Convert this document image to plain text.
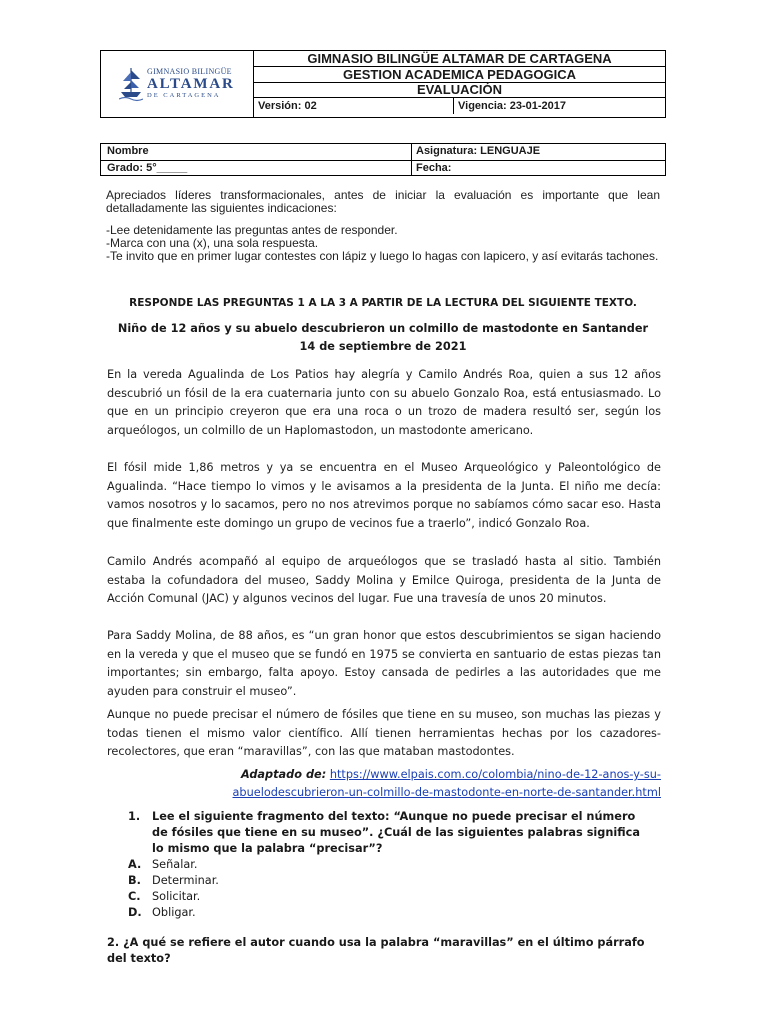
GIMNASIO BILINGÜE
ALTAMAR
DE CARTAGENA
GIMNASIO BILINGÜE ALTAMAR DE CARTAGENA
GESTION ACADEMICA PEDAGOGICA
EVALUACIÓN
Versión: 02	Vigencia: 23-01-2017
Nombre	Asignatura: LENGUAJE
Grado: 5°_____	Fecha:

Apreciados líderes transformacionales, antes de iniciar la evaluación es importante que lean detalladamente las siguientes indicaciones:

-Lee detenidamente las preguntas antes de responder.

-Marca con una (x), una sola respuesta.

-Te invito que en primer lugar contestes con lápiz y luego lo hagas con lapicero, y así evitarás tachones.

RESPONDE LAS PREGUNTAS 1 A LA 3 A PARTIR DE LA LECTURA DEL SIGUIENTE TEXTO.
Niño de 12 años y su abuelo descubrieron un colmillo de mastodonte en Santander
14 de septiembre de 2021

En la vereda Agualinda de Los Patios hay alegría y Camilo Andrés Roa, quien a sus 12 años descubrió un fósil de la era cuaternaria junto con su abuelo Gonzalo Roa, está entusiasmado. Lo que en un principio creyeron que era una roca o un trozo de madera resultó ser, según los arqueólogos, un colmillo de un Haplomastodon, un mastodonte americano.

El fósil mide 1,86 metros y ya se encuentra en el Museo Arqueológico y Paleontológico de Agualinda. “Hace tiempo lo vimos y le avisamos a la presidenta de la Junta. El niño me decía: vamos nosotros y lo sacamos, pero no nos atrevimos porque no sabíamos cómo sacar eso. Hasta que finalmente este domingo un grupo de vecinos fue a traerlo”, indicó Gonzalo Roa.

Camilo Andrés acompañó al equipo de arqueólogos que se trasladó hasta al sitio. También estaba la cofundadora del museo, Saddy Molina y Emilce Quiroga, presidenta de la Junta de Acción Comunal (JAC) y algunos vecinos del lugar. Fue una travesía de unos 20 minutos.

Para Saddy Molina, de 88 años, es “un gran honor que estos descubrimientos se sigan haciendo en la vereda y que el museo que se fundó en 1975 se convierta en santuario de estas piezas tan importantes; sin embargo, falta apoyo. Estoy cansada de pedirles a las autoridades que me ayuden para construir el museo”.

Aunque no puede precisar el número de fósiles que tiene en su museo, son muchas las piezas y todas tienen el mismo valor científico. Allí tienen herramientas hechas por los cazadores-recolectores, que eran “maravillas”, con las que mataban mastodontes.

Adaptado de: https://www.elpais.com.co/colombia/nino-de-12-anos-y-su-
abuelodescubrieron-un-colmillo-de-mastodonte-en-norte-de-santander.html
1. Lee el siguiente fragmento del texto: “Aunque no puede precisar el número de fósiles que tiene en su museo”. ¿Cuál de las siguientes palabras significa lo mismo que la palabra “precisar”?
A. Señalar.
B. Determinar.
C.	Solicitar.
D. Obligar.
2. ¿A qué se refiere el autor cuando usa la palabra “maravillas” en el último párrafo del texto?
